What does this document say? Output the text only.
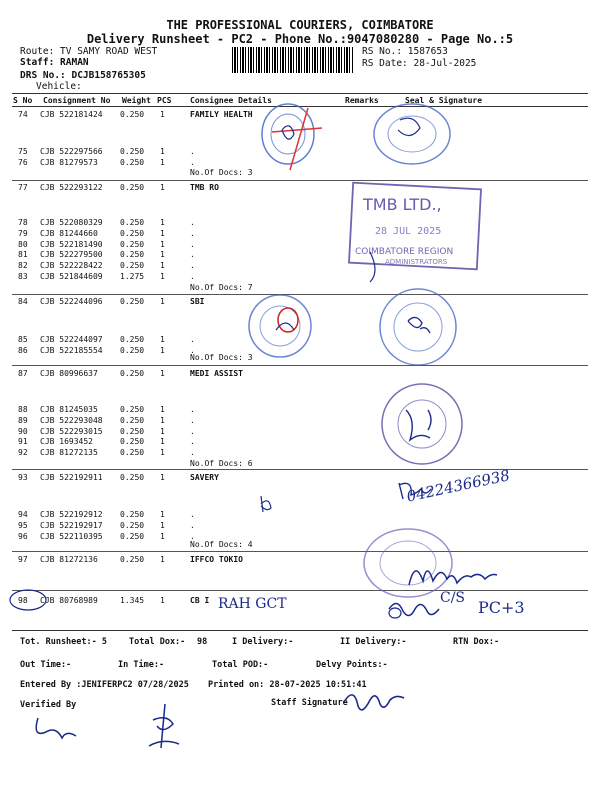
THE PROFESSIONAL COURIERS, COIMBATORE
Delivery Runsheet - PC2 - Phone No.:9047080280 - Page No.:5
Route: TV SAMY ROAD WEST
Staff: RAMAN
DRS No.: DCJB158765305
Vehicle:
RS No.: 1587653
RS Date: 28-Jul-2025
S No Consignment No Weight PCS Consignee Details	Remarks	Seal & Signature
74 CJB 522181424 0.250 1	FAMILY HEALTH
75 CJB 522297566 0.250 1	.
76 CJB 81279573	0.250 1	.
No.Of Docs: 3
77 CJB 522293122 0.250 1	TMB RO
78 CJB 522080329 0.250 1	.
79 CJB 81244660	0.250 1	.
80 CJB 522181490 0.250 1	.
81 CJB 522279500 0.250 1	.
82 CJB 522228422 0.250 1	.
83 CJB 521844609 1.275 1	.
No.Of Docs: 7
84 CJB 522244096 0.250 1	SBI
85 CJB 522244097 0.250 1	.
86 CJB 522185554 0.250 1	.
No.Of Docs: 3
87 CJB 80996637	0.250 1	MEDI ASSIST
88 CJB 81245035	0.250 1	.
89 CJB 522293048 0.250 1	.
90 CJB 522293015 0.250 1	.
91 CJB 1693452	0.250 1	.
92 CJB 81272135	0.250 1	.
No.Of Docs: 6
93 CJB 522192911 0.250 1	SAVERY
94 CJB 522192912 0.250 1	.
95 CJB 522192917 0.250 1	.
96 CJB 522110395 0.250 1	.
No.Of Docs: 4
97 CJB 81272136	0.250 1	IFFCO TOKIO
98 CJB 80768989	1.345 1	CB I
TMB LTD.,
28 JUL 2025
COIMBATORE REGION
ADMINISTRATORS
04224366938
RAH GCT	C/S PC+3
Tot. Runsheet:- 5	Total Dox:- 98	I Delivery:-	II Delivery:-	RTN Dox:-
Out Time:-	In Time:-	Total POD:-	Delvy Points:-
Entered By :JENIFERPC2 07/28/2025 Printed on: 28-07-2025 10:51:41
Verified By	Staff Signature
